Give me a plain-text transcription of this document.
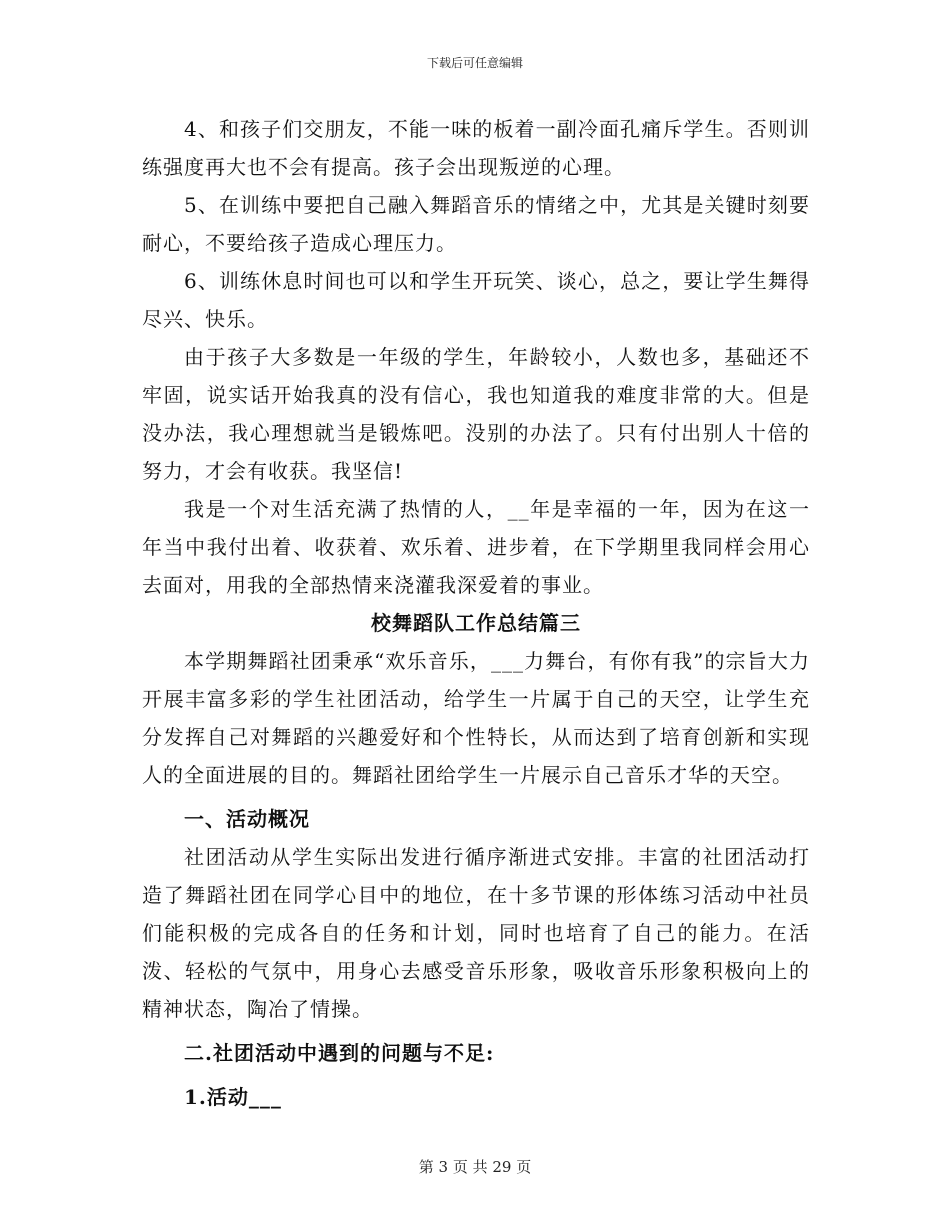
下载后可任意编辑

4、和孩子们交朋友，不能一味的板着一副冷面孔痛斥学生。否则训练强度再大也不会有提高。孩子会出现叛逆的心理。

5、在训练中要把自己融入舞蹈音乐的情绪之中，尤其是关键时刻要耐心，不要给孩子造成心理压力。

6、训练休息时间也可以和学生开玩笑、谈心，总之，要让学生舞得尽兴、快乐。

由于孩子大多数是一年级的学生，年龄较小，人数也多，基础还不牢固，说实话开始我真的没有信心，我也知道我的难度非常的大。但是没办法，我心理想就当是锻炼吧。没别的办法了。只有付出别人十倍的努力，才会有收获。我坚信!

我是一个对生活充满了热情的人，__年是幸福的一年，因为在这一年当中我付出着、收获着、欢乐着、进步着，在下学期里我同样会用心去面对，用我的全部热情来浇灌我深爱着的事业。

校舞蹈队工作总结篇三

本学期舞蹈社团秉承“欢乐音乐，___力舞台，有你有我”的宗旨大力开展丰富多彩的学生社团活动，给学生一片属于自己的天空，让学生充分发挥自己对舞蹈的兴趣爱好和个性特长，从而达到了培育创新和实现人的全面进展的目的。舞蹈社团给学生一片展示自己音乐才华的天空。

一、活动概况

社团活动从学生实际出发进行循序渐进式安排。丰富的社团活动打造了舞蹈社团在同学心目中的地位，在十多节课的形体练习活动中社员们能积极的完成各自的任务和计划，同时也培育了自己的能力。在活泼、轻松的气氛中，用身心去感受音乐形象，吸收音乐形象积极向上的精神状态，陶冶了情操。

二.社团活动中遇到的问题与不足:

1.活动___

第 3 页 共 29 页
